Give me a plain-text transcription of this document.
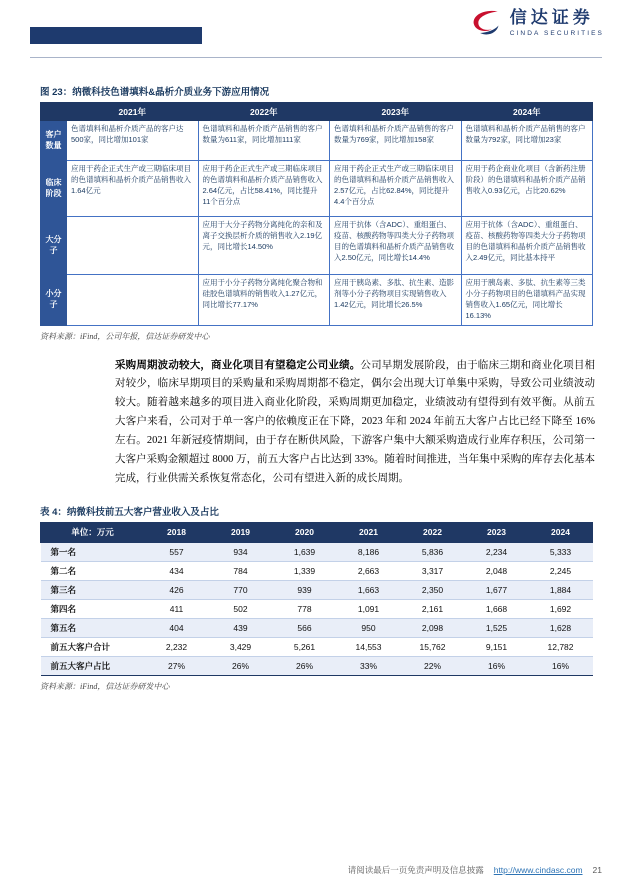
信达证券
CINDA SECURITIES
图 23：纳微科技色谱填料&晶析介质业务下游应用情况
	2021年	2022年	2023年	2024年
客户数量	色谱填料和晶析介质产品的客户达500家，同比增加101家	色谱填料和晶析介质产品销售的客户数量为611家，同比增加111家	色谱填料和晶析介质产品销售的客户数量为769家，同比增加158家	色谱填料和晶析介质产品销售的客户数量为792家，同比增加23家
临床阶段	应用于药企正式生产或三期临床项目的色谱填料和晶析介质产品销售收入1.64亿元	应用于药企正式生产或三期临床项目的色谱填料和晶析介质产品销售收入2.64亿元，占比58.41%，同比提升11个百分点	应用于药企正式生产或三期临床项目的色谱填料和晶析介质产品销售收入2.57亿元，占比62.84%，同比提升4.4个百分点	应用于药企商业化项目（含新药注册阶段）的色谱填料和晶析介质产品销售收入0.93亿元，占比20.62%
大分子		应用于大分子药物分离纯化的亲和及离子交换层析介质的销售收入2.19亿元，同比增长14.50%	应用于抗体（含ADC）、重组蛋白、疫苗、核酸药物等四类大分子药物项目的色谱填料和晶析介质产品销售收入2.50亿元，同比增长14.4%	应用于抗体（含ADC）、重组蛋白、疫苗、核酸药物等四类大分子药物项目的色谱填料和晶析介质产品销售收入2.49亿元，同比基本持平
小分子		应用于小分子药物分离纯化聚合物和硅胶色谱填料的销售收入1.27亿元，同比增长77.17%	应用于胰岛素、多肽、抗生素、造影剂等小分子药物项目实现销售收入1.42亿元，同比增长26.5%	应用于胰岛素、多肽、抗生素等三类小分子药物项目的色谱填料产品实现销售收入1.65亿元，同比增长16.13%
资料来源：iFind，公司年报，信达证券研发中心

采购周期波动较大，商业化项目有望稳定公司业绩。公司早期发展阶段，由于临床三期和商业化项目相对较少，临床早期项目的采购量和采购周期都不稳定，偶尔会出现大订单集中采购，导致公司业绩波动较大。随着越来越多的项目进入商业化阶段，采购周期更加稳定，业绩波动有望得到有效平衡。从前五大客户来看，公司对于单一客户的依赖度正在下降，2023 年和 2024 年前五大客户占比已经下降至 16%左右。2021 年新冠疫情期间，由于存在断供风险，下游客户集中大额采购造成行业库存积压，公司第一大客户采购金额超过 8000 万，前五大客户占比达到 33%。随着时间推进，当年集中采购的库存去化基本完成，行业供需关系恢复常态化，公司有望进入新的成长周期。

表 4：纳微科技前五大客户营业收入及占比
单位：万元	2018	2019	2020	2021	2022	2023	2024
第一名	557	934	1,639	8,186	5,836	2,234	5,333
第二名	434	784	1,339	2,663	3,317	2,048	2,245
第三名	426	770	939	1,663	2,350	1,677	1,884
第四名	411	502	778	1,091	2,161	1,668	1,692
第五名	404	439	566	950	2,098	1,525	1,628
前五大客户合计	2,232	3,429	5,261	14,553	15,762	9,151	12,782
前五大客户占比	27%	26%	26%	33%	22%	16%	16%
资料来源：iFind，信达证券研发中心
请阅读最后一页免责声明及信息披露 http://www.cindasc.com 21
